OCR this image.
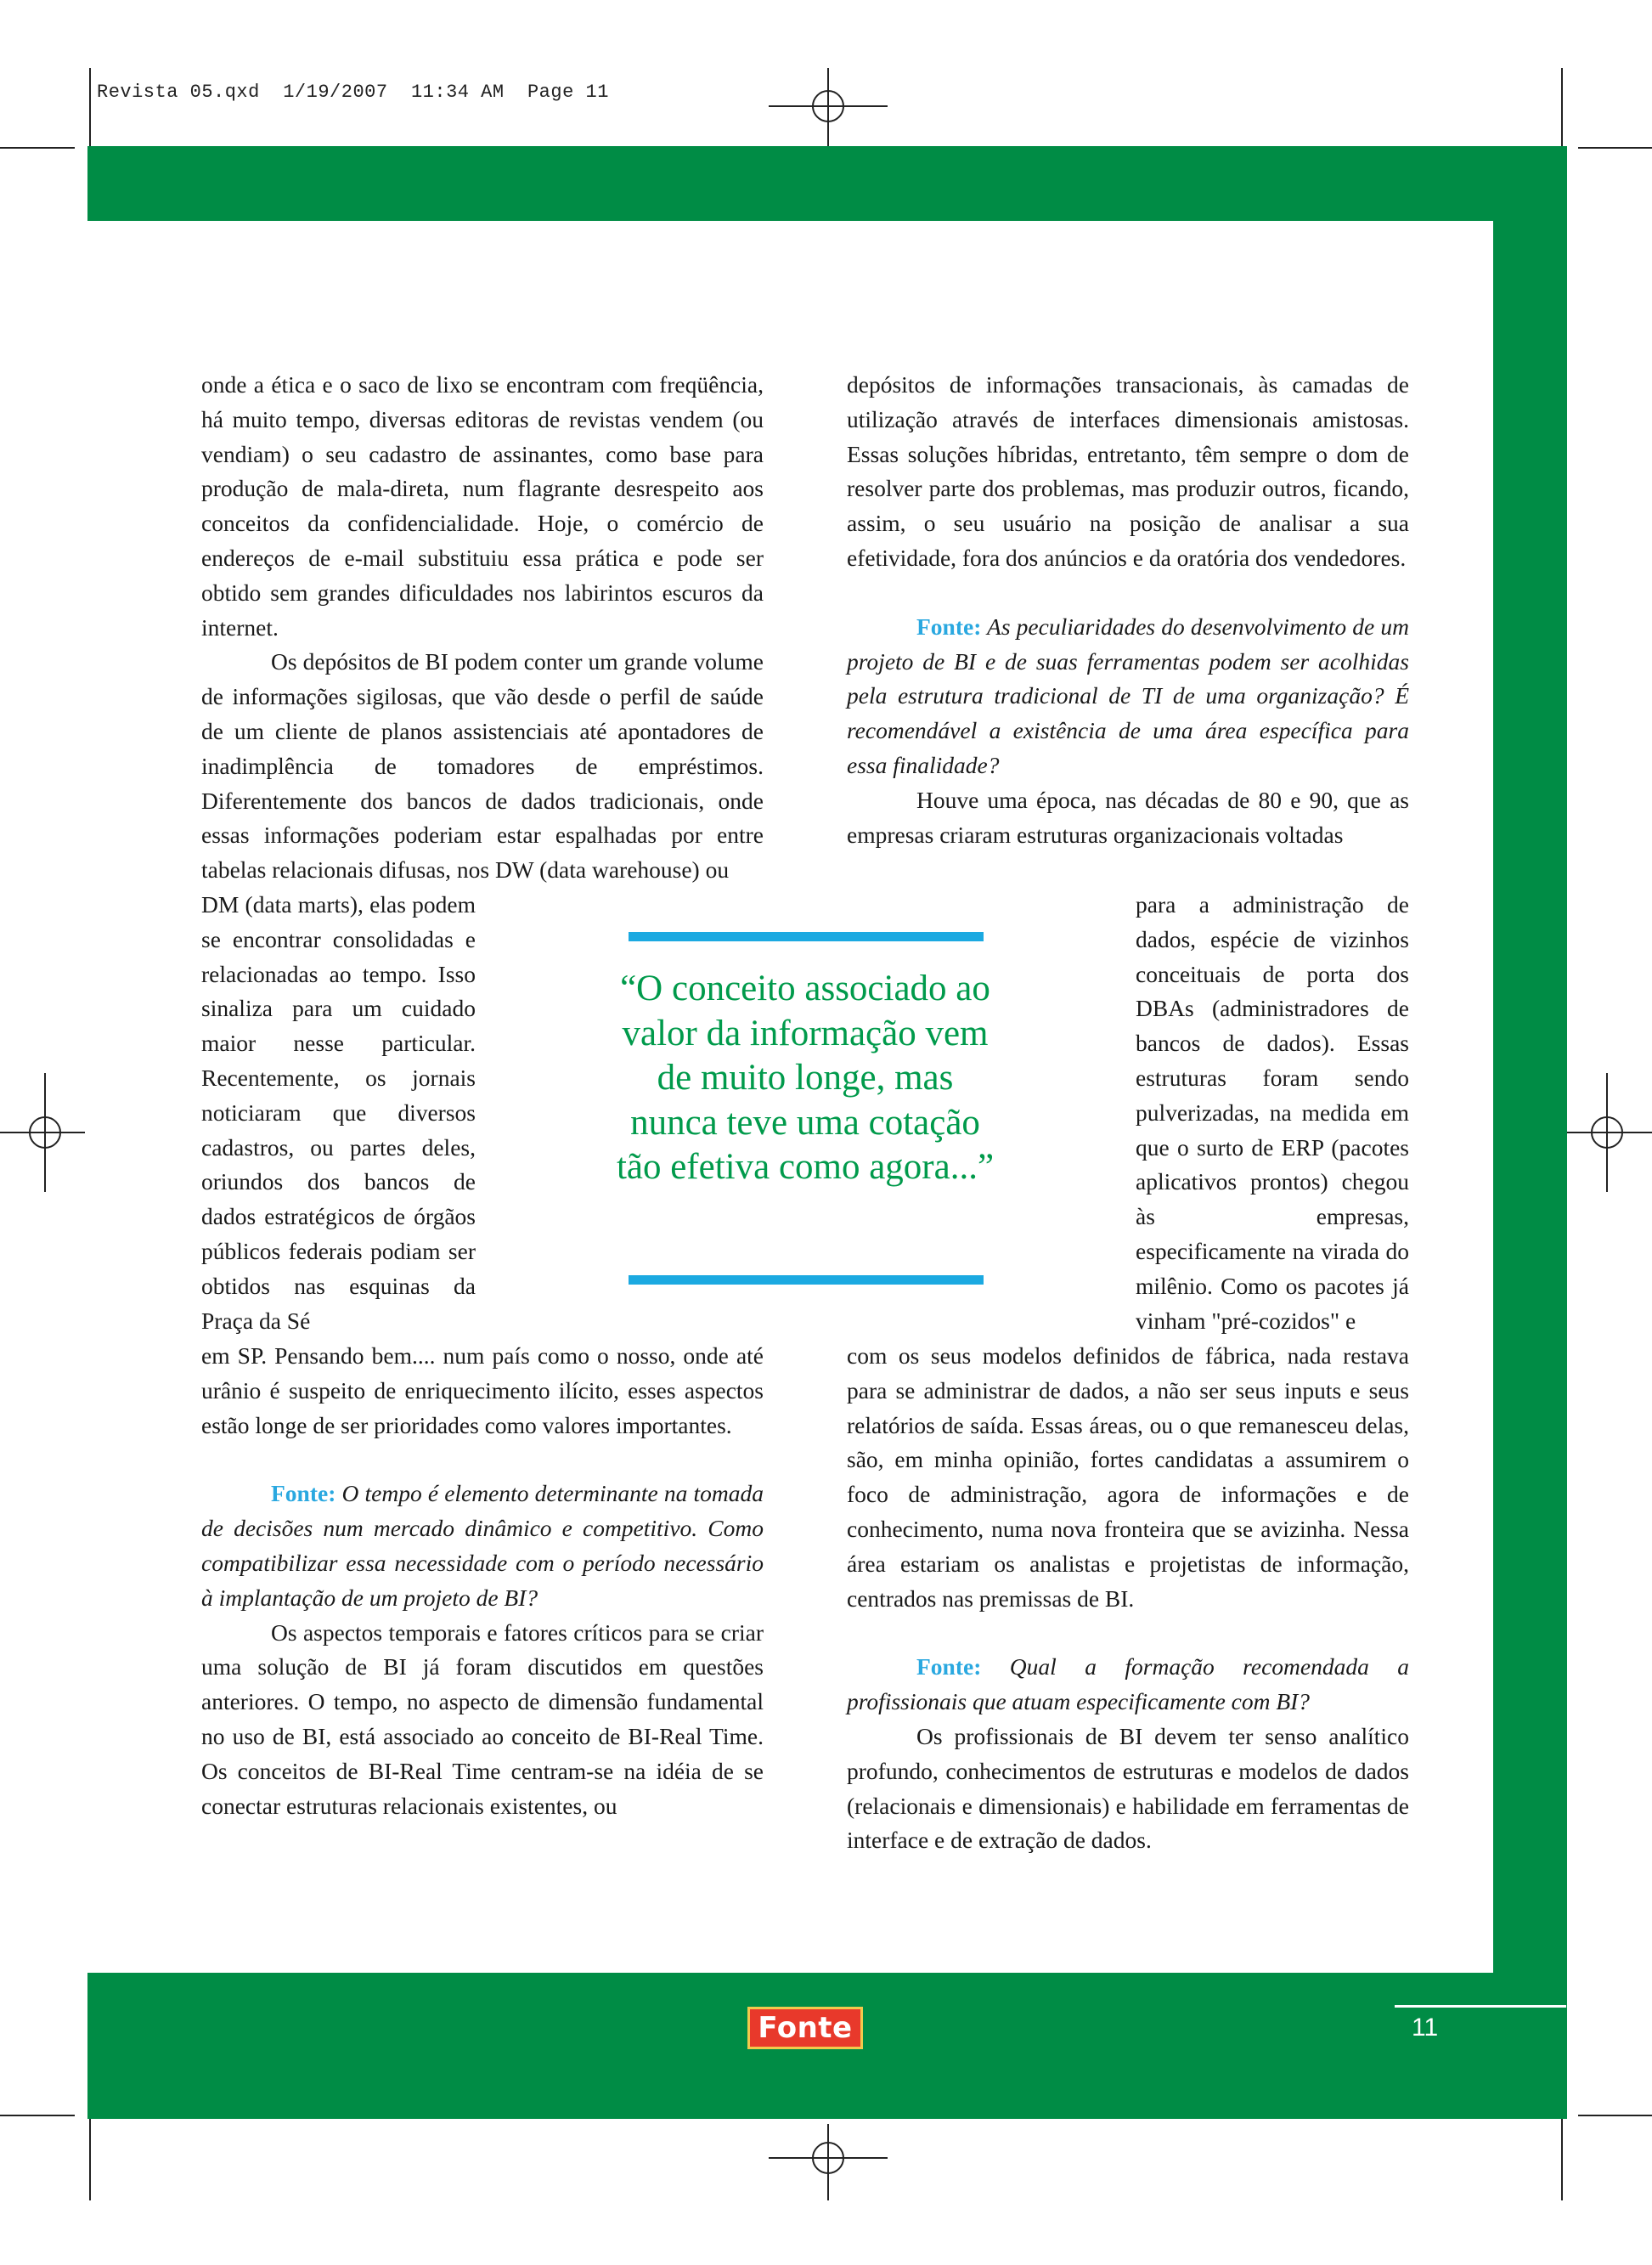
Revista 05.qxd  1/19/2007  11:34 AM  Page 11

onde a ética e o saco de lixo se encontram com freqüência, há muito tempo, diversas editoras de revistas vendem (ou vendiam) o seu cadastro de assinantes, como base para produção de mala-direta, num flagrante desrespeito aos conceitos da confidencialidade. Hoje, o comércio de endereços de e-mail substituiu essa prática e pode ser obtido sem grandes dificuldades nos labirintos escuros da internet.

Os depósitos de BI podem conter um grande volume de informações sigilosas, que vão desde o perfil de saúde de um cliente de planos assistenciais até apontadores de inadimplência de tomadores de empréstimos. Diferentemente dos bancos de dados tradicionais, onde essas informações poderiam estar espalhadas por entre tabelas relacionais difusas, nos DW (data warehouse) ou

DM (data marts), elas podem se encontrar consolidadas e relacionadas ao tempo. Isso sinaliza para um cuidado maior nesse particular. Recentemente, os jornais noticiaram que diversos cadastros, ou partes deles, oriundos dos bancos de dados estratégicos de órgãos públicos federais podiam ser obtidos nas esquinas da Praça da Sé

em SP. Pensando bem.... num país como o nosso, onde até urânio é suspeito de enriquecimento ilícito, esses aspectos estão longe de ser prioridades como valores importantes.

Fonte: O tempo é elemento determinante na tomada de decisões num mercado dinâmico e competitivo. Como compatibilizar essa necessidade com o período necessário à implantação de um projeto de BI?

Os aspectos temporais e fatores críticos para se criar uma solução de BI já foram discutidos em questões anteriores. O tempo, no aspecto de dimensão fundamental no uso de BI, está associado ao conceito de BI-Real Time. Os conceitos de BI-Real Time centram-se na idéia de se conectar estruturas relacionais existentes, ou

depósitos de informações transacionais, às camadas de utilização através de interfaces dimensionais amistosas. Essas soluções híbridas, entretanto, têm sempre o dom de resolver parte dos problemas, mas produzir outros, ficando, assim, o seu usuário na posição de analisar a sua efetividade, fora dos anúncios e da oratória dos vendedores.

Fonte: As peculiaridades do desenvolvimento de um projeto de BI e de suas ferramentas podem ser acolhidas pela estrutura tradicional de TI de uma organização? É recomendável a existência de uma área específica para essa finalidade?

Houve uma época, nas décadas de 80 e 90, que as empresas criaram estruturas organizacionais voltadas

para a administração de dados, espécie de vizinhos conceituais de porta dos DBAs (administradores de bancos de dados). Essas estruturas foram sendo pulverizadas, na medida em que o surto de ERP (pacotes aplicativos prontos) chegou às empresas, especificamente na virada do milênio. Como os pacotes já vinham "pré-cozidos" e

com os seus modelos definidos de fábrica, nada restava para se administrar de dados, a não ser seus inputs e seus relatórios de saída. Essas áreas, ou o que remanesceu delas, são, em minha opinião, fortes candidatas a assumirem o foco de administração, agora de informações e de conhecimento, numa nova fronteira que se avizinha. Nessa área estariam os analistas e projetistas de informação, centrados nas premissas de BI.

Fonte: Qual a formação recomendada a profissionais que atuam especificamente com BI?

Os profissionais de BI devem ter senso analítico profundo, conhecimentos de estruturas e modelos de dados (relacionais e dimensionais) e habilidade em ferramentas de interface e de extração de dados.

“O conceito associado ao valor da informação vem de muito longe, mas nunca teve uma cotação tão efetiva como agora...”
Fonte	11
